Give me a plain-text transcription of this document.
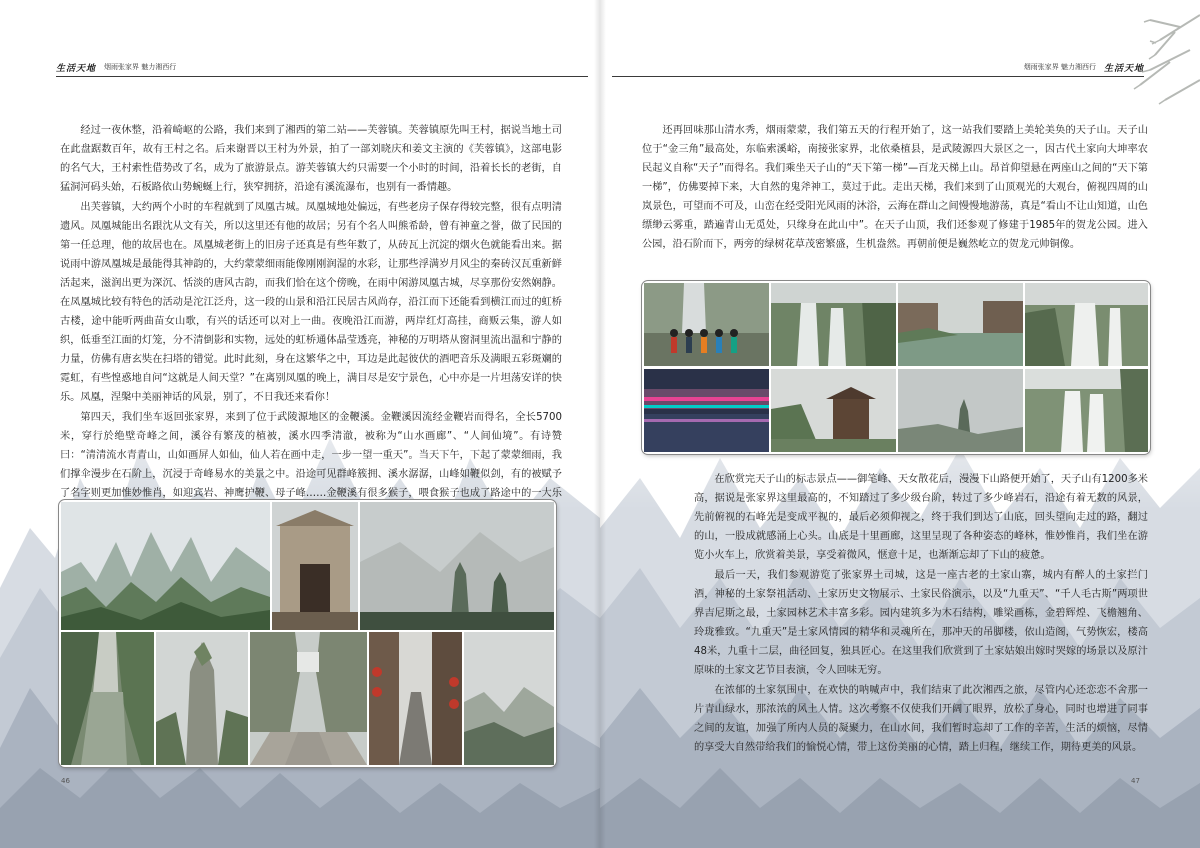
生活天地 烟雨张家界 魅力湘西行

经过一夜休整，沿着崎岖的公路，我们来到了湘西的第二站——芙蓉镇。芙蓉镇原先叫王村，据说当地土司在此盘踞数百年，故有王村之名。后来谢晋以王村为外景，拍了一部刘晓庆和姜文主演的《芙蓉镇》，这部电影的名气大，王村索性借势改了名，成为了旅游景点。游芙蓉镇大约只需要一个小时的时间，沿着长长的老街，自猛洞河码头始，石板路依山势蜿蜒上行，狭窄拥挤，沿途有溪流瀑布，也别有一番情趣。

出芙蓉镇，大约两个小时的车程就到了凤凰古城。凤凰城地处偏远，有些老房子保存得较完整，很有点明清遗风。凤凰城能出名跟沈从文有关，所以这里还有他的故居；另有个名人叫熊希龄，曾有神童之誉，做了民国的第一任总理，他的故居也在。凤凰城老街上的旧房子还真是有些年数了，从砖瓦上沉淀的烟火色就能看出来。据说雨中游凤凰城是最能得其神韵的，大约蒙蒙细雨能像刚刚润湿的水彩，让那些浮满岁月风尘的秦砖汉瓦重新鲜活起来，滋润出更为深沉、恬淡的唐风古韵，而我们恰在这个傍晚，在雨中闲游凤凰古城，尽享那份安然娴静。在凤凰城比较有特色的活动是沱江泛舟，这一段的山景和沿江民居古风尚存，沿江而下还能看到横江而过的虹桥古楼，途中能听两曲苗女山歌，有兴的话还可以对上一曲。夜晚沿江而游，两岸红灯高挂，商贩云集，游人如织，低垂至江面的灯笼，分不清倒影和实物，远处的虹桥通体晶莹透亮，神秘的万明塔从窗洞里流出温和宁静的力量，仿佛有唐玄奘在扫塔的错觉。此时此刻，身在这繁华之中，耳边是此起彼伏的酒吧音乐及满眼五彩斑斓的霓虹，有些惶惑地自问“这就是人间天堂？”在离别凤凰的晚上，满目尽是安宁景色，心中亦是一片坦荡安详的快乐。凤凰，涅槃中美丽神话的风景，别了，不日我还来看你！

第四天，我们坐车返回张家界，来到了位于武陵源地区的金鞭溪。金鞭溪因流经金鞭岩而得名，全长5700米，穿行於绝壁奇峰之间，溪谷有繁茂的植被，溪水四季清澈，被称为“山水画廊”、“人间仙境”。有诗赞曰：“清清流水青青山，山如画屏人如仙，仙人若在画中走，一步一望一重天”。当天下午，下起了蒙蒙细雨，我们撑伞漫步在石阶上，沉浸于奇峰易水的美景之中。沿途可见群峰簇拥、溪水潺潺，山峰如鞭似剑，有的被赋予了名字则更加惟妙惟肖，如迎宾岩、神鹰护鞭、母子峰……金鞭溪有很多猴子，喂食猴子也成了路途中的一大乐

46
烟雨张家界 魅力湘西行 生活天地

还再回味那山清水秀，烟雨蒙蒙，我们第五天的行程开始了，这一站我们要踏上美轮美奂的天子山。天子山位于“金三角”最高处，东临索溪峪，南接张家界，北依桑植县，是武陵源四大景区之一，因古代土家向大坤率农民起义自称“天子”而得名。我们乘坐天子山的“天下第一梯”—百龙天梯上山。昂首仰望悬在两座山之间的“天下第一梯”，仿佛要掉下来，大自然的鬼斧神工，莫过于此。走出天梯，我们来到了山顶观光的大观台，俯视四周的山岚景色，可望而不可及，山峦在经受阳光风雨的沐浴，云海在群山之间慢慢地游荡，真是“看山不让山知道，山色缥缈云雾重，踏遍青山无觅处，只缘身在此山中”。在天子山顶，我们还参观了修建于1985年的贺龙公园。进入公园，沿石阶而下，两旁的绿树花草茂密繁盛，生机盎然。再朝前便是巍然屹立的贺龙元帅铜像。

在欣赏完天子山的标志景点——御笔峰、天女散花后，漫漫下山路便开始了，天子山有1200多米高，据说是张家界这里最高的，不知踏过了多少级台阶，转过了多少峰岩石，沿途有着无数的风景，先前俯视的石峰先是变成平视的，最后必须仰视之，终于我们到达了山底，回头望向走过的路，翻过的山，一股成就感涌上心头。山底是十里画廊，这里呈现了各种姿态的峰林，惟妙惟肖，我们坐在游览小火车上，欣赏着美景，享受着微风，惬意十足，也渐渐忘却了下山的疲惫。

最后一天，我们参观游览了张家界土司城，这是一座古老的土家山寨，城内有醉人的土家拦门酒，神秘的土家祭祖活动、土家历史文物展示、土家民俗演示，以及“九重天”、“千人毛古斯”两项世界吉尼斯之最，土家园林艺术丰富多彩。园内建筑多为木石结构，雕梁画栋，金碧辉煌、飞檐翘角、玲珑雅致。“九重天”是土家风情园的精华和灵魂所在，那冲天的吊脚楼，依山造阁，气势恢宏，楼高48米，九重十二层，曲径回复，独具匠心。在这里我们欣赏到了土家姑娘出嫁时哭嫁的场景以及原汁原味的土家文艺节目表演，令人回味无穷。

在浓郁的土家氛围中，在欢快的呐喊声中，我们结束了此次湘西之旅，尽管内心还恋恋不舍那一片青山绿水，那浓浓的风土人情。这次考察不仅使我们开阔了眼界，放松了身心，同时也增进了同事之间的友谊，加强了所内人员的凝聚力，在山水间，我们暂时忘却了工作的辛苦，生活的烦恼，尽情的享受大自然带给我们的愉悦心情，带上这份美丽的心情，踏上归程，继续工作，期待更美的风景。

47
